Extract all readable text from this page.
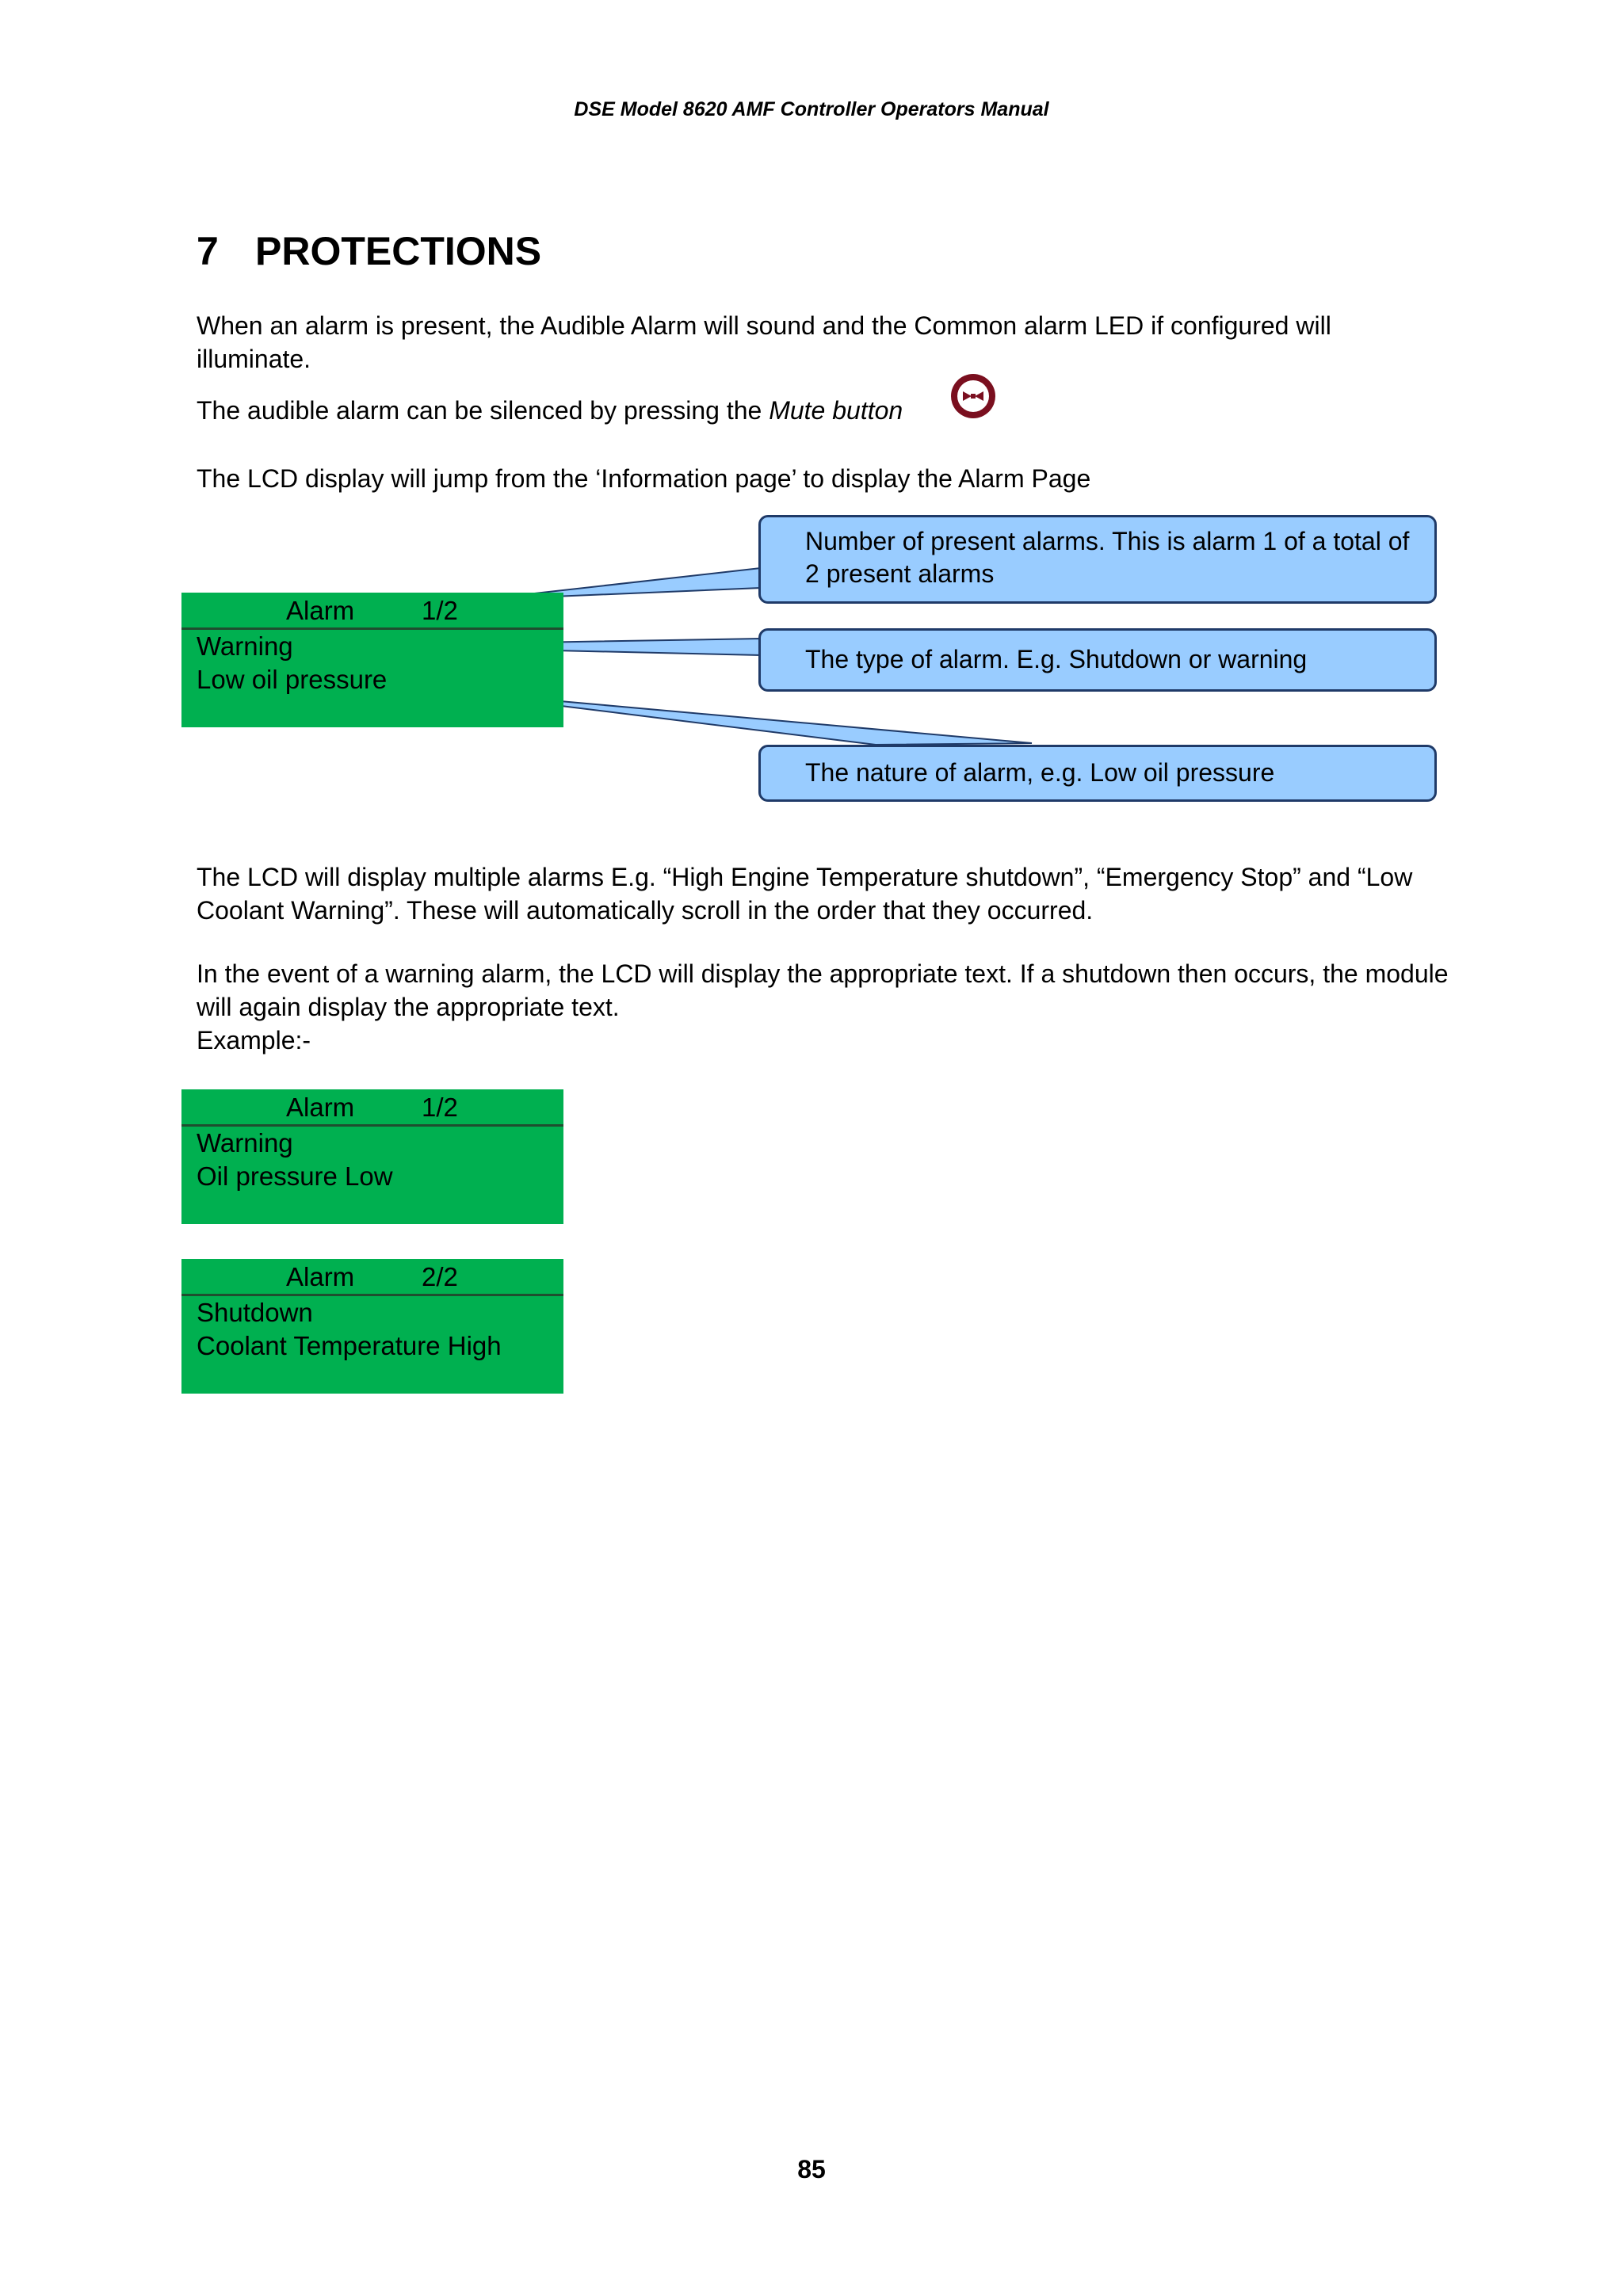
DSE Model 8620 AMF Controller Operators Manual
7 PROTECTIONS
When an alarm is present, the Audible Alarm will sound and the Common alarm LED if configured will illuminate.
The audible alarm can be silenced by pressing the Mute button
The LCD display will jump from the ‘Information page’ to display the Alarm Page
Alarm	1/2
Warning
Low oil pressure
Number of present alarms. This is alarm 1 of a total of 2 present alarms
The type of alarm. E.g. Shutdown or warning
The nature of alarm, e.g. Low oil pressure
The LCD will display multiple alarms E.g. “High Engine Temperature shutdown”, “Emergency Stop” and “Low Coolant Warning”. These will automatically scroll in the order that they occurred.
In the event of a warning alarm, the LCD will display the appropriate text. If a shutdown then occurs, the module will again display the appropriate text.
Example:-
Alarm	1/2
Warning
Oil pressure Low
Alarm	2/2
Shutdown
Coolant Temperature High
85
